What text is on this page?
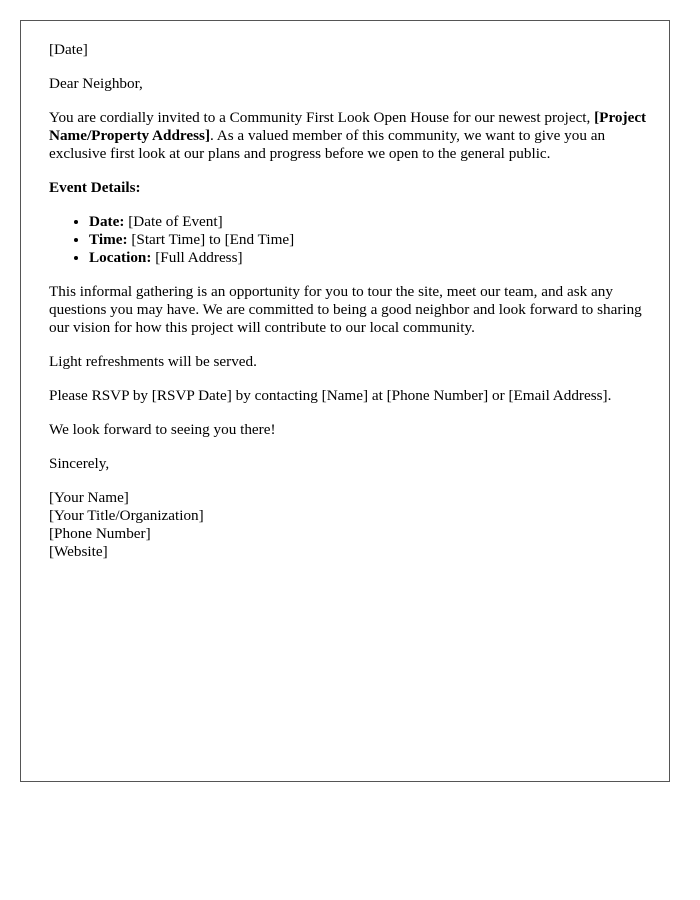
[Date]

Dear Neighbor,

You are cordially invited to a Community First Look Open House for our newest project, [Project Name/Property Address]. As a valued member of this community, we want to give you an exclusive first look at our plans and progress before we open to the general public.

Event Details:

• Date: [Date of Event]
• Time: [Start Time] to [End Time]
• Location: [Full Address]

This informal gathering is an opportunity for you to tour the site, meet our team, and ask any questions you may have. We are committed to being a good neighbor and look forward to sharing our vision for how this project will contribute to our local community.

Light refreshments will be served.

Please RSVP by [RSVP Date] by contacting [Name] at [Phone Number] or [Email Address].

We look forward to seeing you there!

Sincerely,

[Your Name]
[Your Title/Organization]
[Phone Number]
[Website]
